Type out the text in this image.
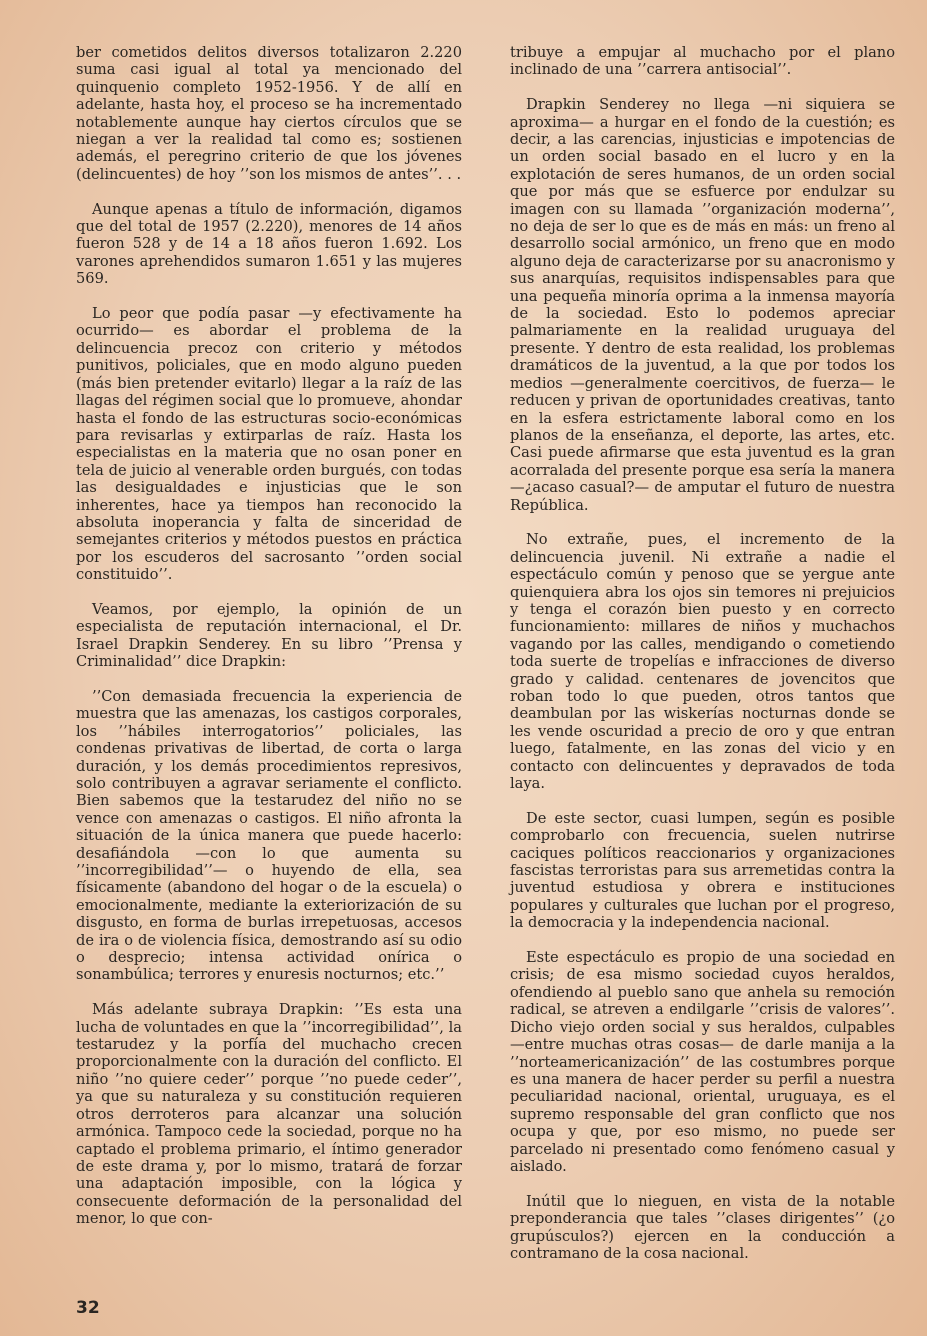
ber cometidos delitos diversos totalizaron 2.220 suma casi igual al total ya mencionado del quinquenio completo 1952-1956. Y de allí en adelante, hasta hoy, el proceso se ha incrementado notablemente aunque hay ciertos círculos que se niegan a ver la realidad tal como es; sostienen además, el peregrino criterio de que los jóvenes (delincuentes) de hoy ’’son los mismos de antes’’. . .

Aunque apenas a título de información, digamos que del total de 1957 (2.220), menores de 14 años fueron 528 y de 14 a 18 años fueron 1.692. Los varones aprehendidos sumaron 1.651 y las mujeres 569.

Lo peor que podía pasar —y efectivamente ha ocurrido— es abordar el problema de la delincuencia precoz con criterio y métodos punitivos, policiales, que en modo alguno pueden (más bien pretender evitarlo) llegar a la raíz de las llagas del régimen social que lo promueve, ahondar hasta el fondo de las estructuras socio-económicas para revisarlas y extirparlas de raíz. Hasta los especialistas en la materia que no osan poner en tela de juicio al venerable orden burgués, con todas las desigualdades e injusticias que le son inherentes, hace ya tiempos han reconocido la absoluta inoperancia y falta de sinceridad de semejantes criterios y métodos puestos en práctica por los escuderos del sacrosanto ’’orden social constituido’’.

Veamos, por ejemplo, la opinión de un especialista de reputación internacional, el Dr. Israel Drapkin Senderey. En su libro ’’Prensa y Criminalidad’’ dice Drapkin:

’’Con demasiada frecuencia la experiencia de muestra que las amenazas, los castigos corporales, los ’’hábiles interrogatorios’’ policiales, las condenas privativas de libertad, de corta o larga duración, y los demás procedimientos represivos, solo contribuyen a agravar seriamente el conflicto. Bien sabemos que la testarudez del niño no se vence con amenazas o castigos. El niño afronta la situación de la única manera que puede hacerlo: desafiándola —con lo que aumenta su ’’incorregibilidad’’— o huyendo de ella, sea físicamente (abandono del hogar o de la escuela) o emocionalmente, mediante la exteriorización de su disgusto, en forma de burlas irrepetuosas, accesos de ira o de violencia física, demostrando así su odio o desprecio; intensa actividad onírica o sonambúlica; terrores y enuresis nocturnos; etc.’’

Más adelante subraya Drapkin: ’’Es esta una lucha de voluntades en que la ’’incorregibilidad’’, la testarudez y la porfía del muchacho crecen proporcionalmente con la duración del conflicto. El niño ’’no quiere ceder’’ porque ’’no puede ceder’’, ya que su naturaleza y su constitución requieren otros derroteros para alcanzar una solución armónica. Tampoco cede la sociedad, porque no ha captado el problema primario, el íntimo generador de este drama y, por lo mismo, tratará de forzar una adaptación imposible, con la lógica y consecuente deformación de la personalidad del menor, lo que con-

tribuye a empujar al muchacho por el plano inclinado de una ’’carrera antisocial’’.

Drapkin Senderey no llega —ni siquiera se aproxima— a hurgar en el fondo de la cuestión; es decir, a las carencias, injusticias e impotencias de un orden social basado en el lucro y en la explotación de seres humanos, de un orden social que por más que se esfuerce por endulzar su imagen con su llamada ’’organización moderna’’, no deja de ser lo que es de más en más: un freno al desarrollo social armónico, un freno que en modo alguno deja de caracterizarse por su anacronismo y sus anarquías, requisitos indispensables para que una pequeña minoría oprima a la inmensa mayoría de la sociedad. Esto lo podemos apreciar palmariamente en la realidad uruguaya del presente. Y dentro de esta realidad, los problemas dramáticos de la juventud, a la que por todos los medios —generalmente coercitivos, de fuerza— le reducen y privan de oportunidades creativas, tanto en la esfera estrictamente laboral como en los planos de la enseñanza, el deporte, las artes, etc. Casi puede afirmarse que esta juventud es la gran acorralada del presente porque esa sería la manera —¿acaso casual?— de amputar el futuro de nuestra República.

No extrañe, pues, el incremento de la delincuencia juvenil. Ni extrañe a nadie el espectáculo común y penoso que se yergue ante quienquiera abra los ojos sin temores ni prejuicios y tenga el corazón bien puesto y en correcto funcionamiento: millares de niños y muchachos vagando por las calles, mendigando o cometiendo toda suerte de tropelías e infracciones de diverso grado y calidad. centenares de jovencitos que roban todo lo que pueden, otros tantos que deambulan por las wiskerías nocturnas donde se les vende oscuridad a precio de oro y que entran luego, fatalmente, en las zonas del vicio y en contacto con delincuentes y depravados de toda laya.

De este sector, cuasi lumpen, según es posible comprobarlo con frecuencia, suelen nutrirse caciques políticos reaccionarios y organizaciones fascistas terroristas para sus arremetidas contra la juventud estudiosa y obrera e instituciones populares y culturales que luchan por el progreso, la democracia y la independencia nacional.

Este espectáculo es propio de una sociedad en crisis; de esa mismo sociedad cuyos heraldos, ofendiendo al pueblo sano que anhela su remoción radical, se atreven a endilgarle ’’crisis de valores’’. Dicho viejo orden social y sus heraldos, culpables —entre muchas otras cosas— de darle manija a la ’’norteamericanización’’ de las costumbres porque es una manera de hacer perder su perfil a nuestra peculiaridad nacional, oriental, uruguaya, es el supremo responsable del gran conflicto que nos ocupa y que, por eso mismo, no puede ser parcelado ni presentado como fenómeno casual y aislado.

Inútil que lo nieguen, en vista de la notable preponderancia que tales ’’clases dirigentes’’ (¿o grupúsculos?) ejercen en la conducción a contramano de la cosa nacional.

32
